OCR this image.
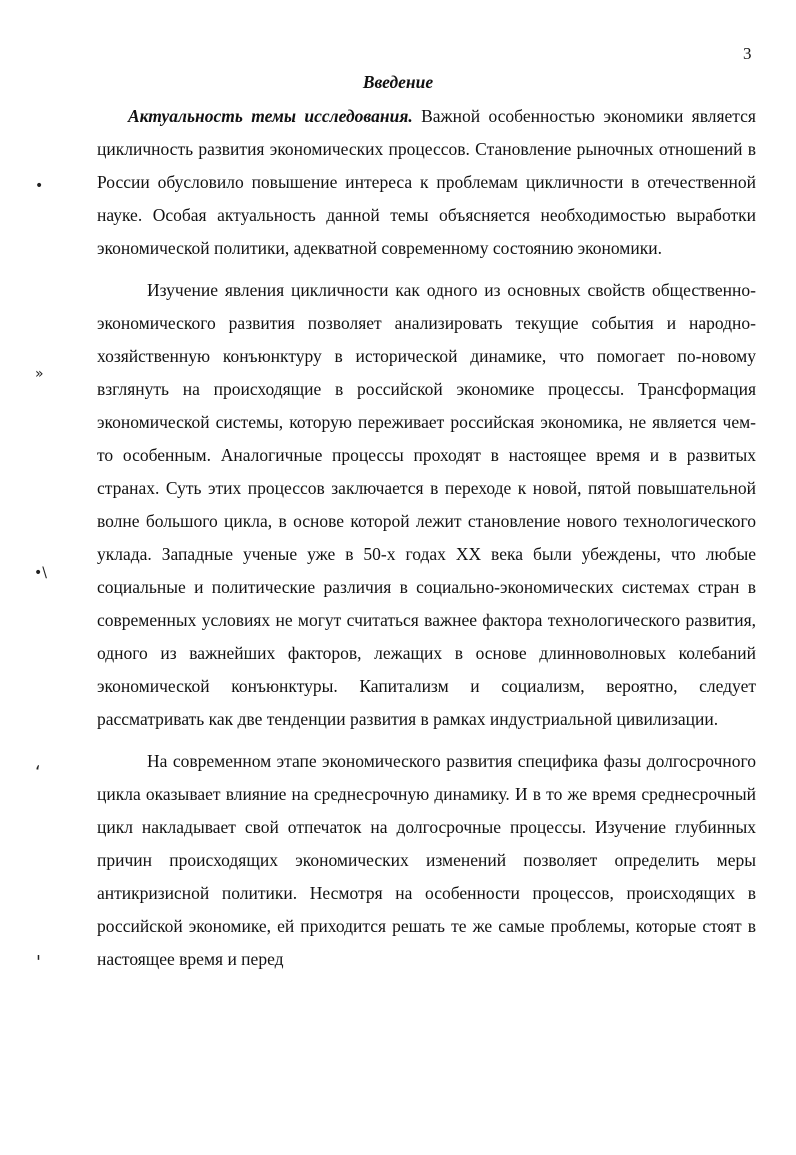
3
Введение

Актуальность темы исследования. Важной особенностью экономики является цикличность развития экономических процессов. Становление рыночных отношений в России обусловило повышение интереса к проблемам цикличности в отечественной науке. Особая актуальность данной темы объясняется необходимостью выработки экономической политики, адекватной современному состоянию экономики.

Изучение явления цикличности как одного из основных свойств общественно-экономического развития позволяет анализировать текущие события и народно-хозяйственную конъюнктуру в исторической динамике, что помогает по-новому взглянуть на происходящие в российской экономике процессы. Трансформация экономической системы, которую переживает российская экономика, не является чем-то особенным. Аналогичные процессы проходят в настоящее время и в развитых странах. Суть этих процессов заключается в переходе к новой, пятой повышательной волне большого цикла, в основе которой лежит становление нового технологического уклада. Западные ученые уже в 50-х годах XX века были убеждены, что любые социальные и политические различия в социально-экономических системах стран в современных условиях не могут считаться важнее фактора технологического развития, одного из важнейших факторов, лежащих в основе длинноволновых колебаний экономической конъюнктуры. Капитализм и социализм, вероятно, следует рассматривать как две тенденции развития в рамках индустриальной цивилизации.

На современном этапе экономического развития специфика фазы долгосрочного цикла оказывает влияние на среднесрочную динамику. И в то же время среднесрочный цикл накладывает свой отпечаток на долгосрочные процессы. Изучение глубинных причин происходящих экономических изменений позволяет определить меры антикризисной политики. Несмотря на особенности процессов, происходящих в российской экономике, ей приходится решать те же самые проблемы, которые стоят в настоящее время и перед

•
»
•\
ʻ
ꞌ
